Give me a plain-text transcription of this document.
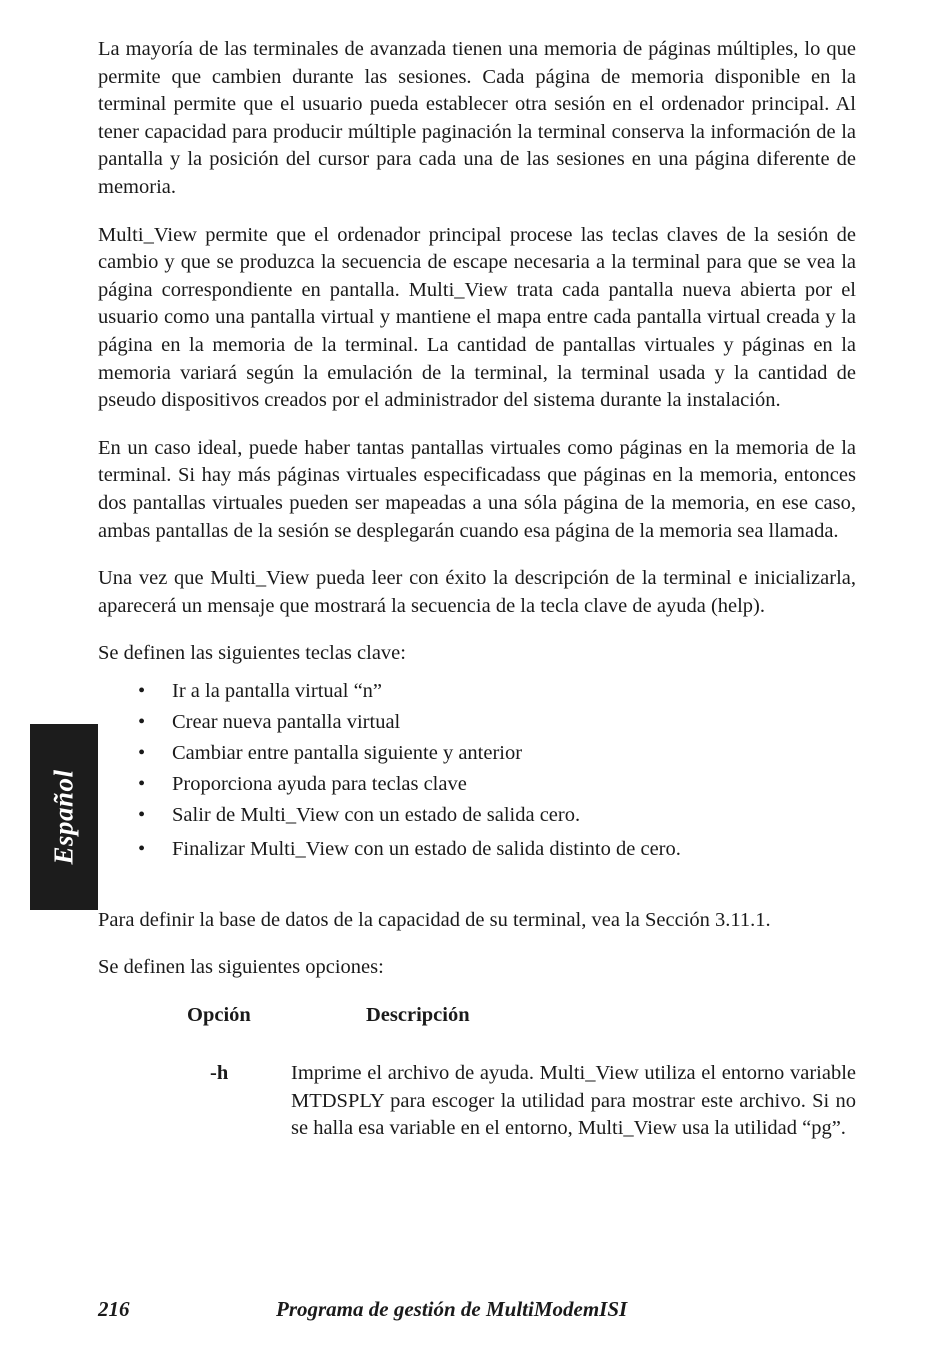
La mayoría de las terminales de avanzada tienen una memoria de páginas múltiples, lo que permite que cambien durante las sesiones. Cada página de memoria disponible en la terminal permite que el usuario pueda establecer otra sesión en el ordenador principal. Al tener capacidad para producir múltiple paginación la terminal conserva la información de la pantalla y la posición del cursor para cada una de las sesiones en una página diferente de memoria.

Multi_View permite que el ordenador principal procese las teclas claves de la sesión de cambio y que se produzca la secuencia de escape necesaria a la terminal para que se vea la página correspondiente en pantalla. Multi_View trata cada pantalla nueva abierta por el usuario como una pantalla virtual y mantiene el mapa entre cada pantalla virtual creada y la página en la memoria de la terminal. La cantidad de pantallas virtuales y páginas en la memoria variará según la emulación de la terminal, la terminal usada y la cantidad de pseudo dispositivos creados por el administrador del sistema durante la instalación.

En un caso ideal, puede haber tantas pantallas virtuales como páginas en la memoria de la terminal. Si hay más páginas virtuales especificadass que páginas en la memoria, entonces dos pantallas virtuales pueden ser mapeadas a una sóla página de la memoria, en ese caso, ambas pantallas de la sesión se desplegarán cuando esa página de la memoria sea llamada.

Una vez que Multi_View pueda leer con éxito la descripción de la terminal e inicializarla, aparecerá un mensaje que mostrará la secuencia de la tecla clave de ayuda (help).

Se definen las siguientes teclas clave:

• Ir a la pantalla virtual “n”
• Crear nueva pantalla virtual
• Cambiar entre pantalla siguiente y anterior
• Proporciona ayuda para teclas clave
• Salir de Multi_View con un estado de salida cero.
• Finalizar Multi_View con un estado de salida distinto de cero.

Para definir la base de datos de la capacidad de su terminal, vea la Sección 3.11.1.

Se definen las siguientes opciones:

Opción	Descripción
-h	Imprime el archivo de ayuda. Multi_View utiliza el entorno variable MTDSPLY para escoger la utilidad para mostrar este archivo. Si no se halla esa variable en el entorno, Multi_View usa la utilidad “pg”.
Español
216	Programa de gestión de MultiModemISI
